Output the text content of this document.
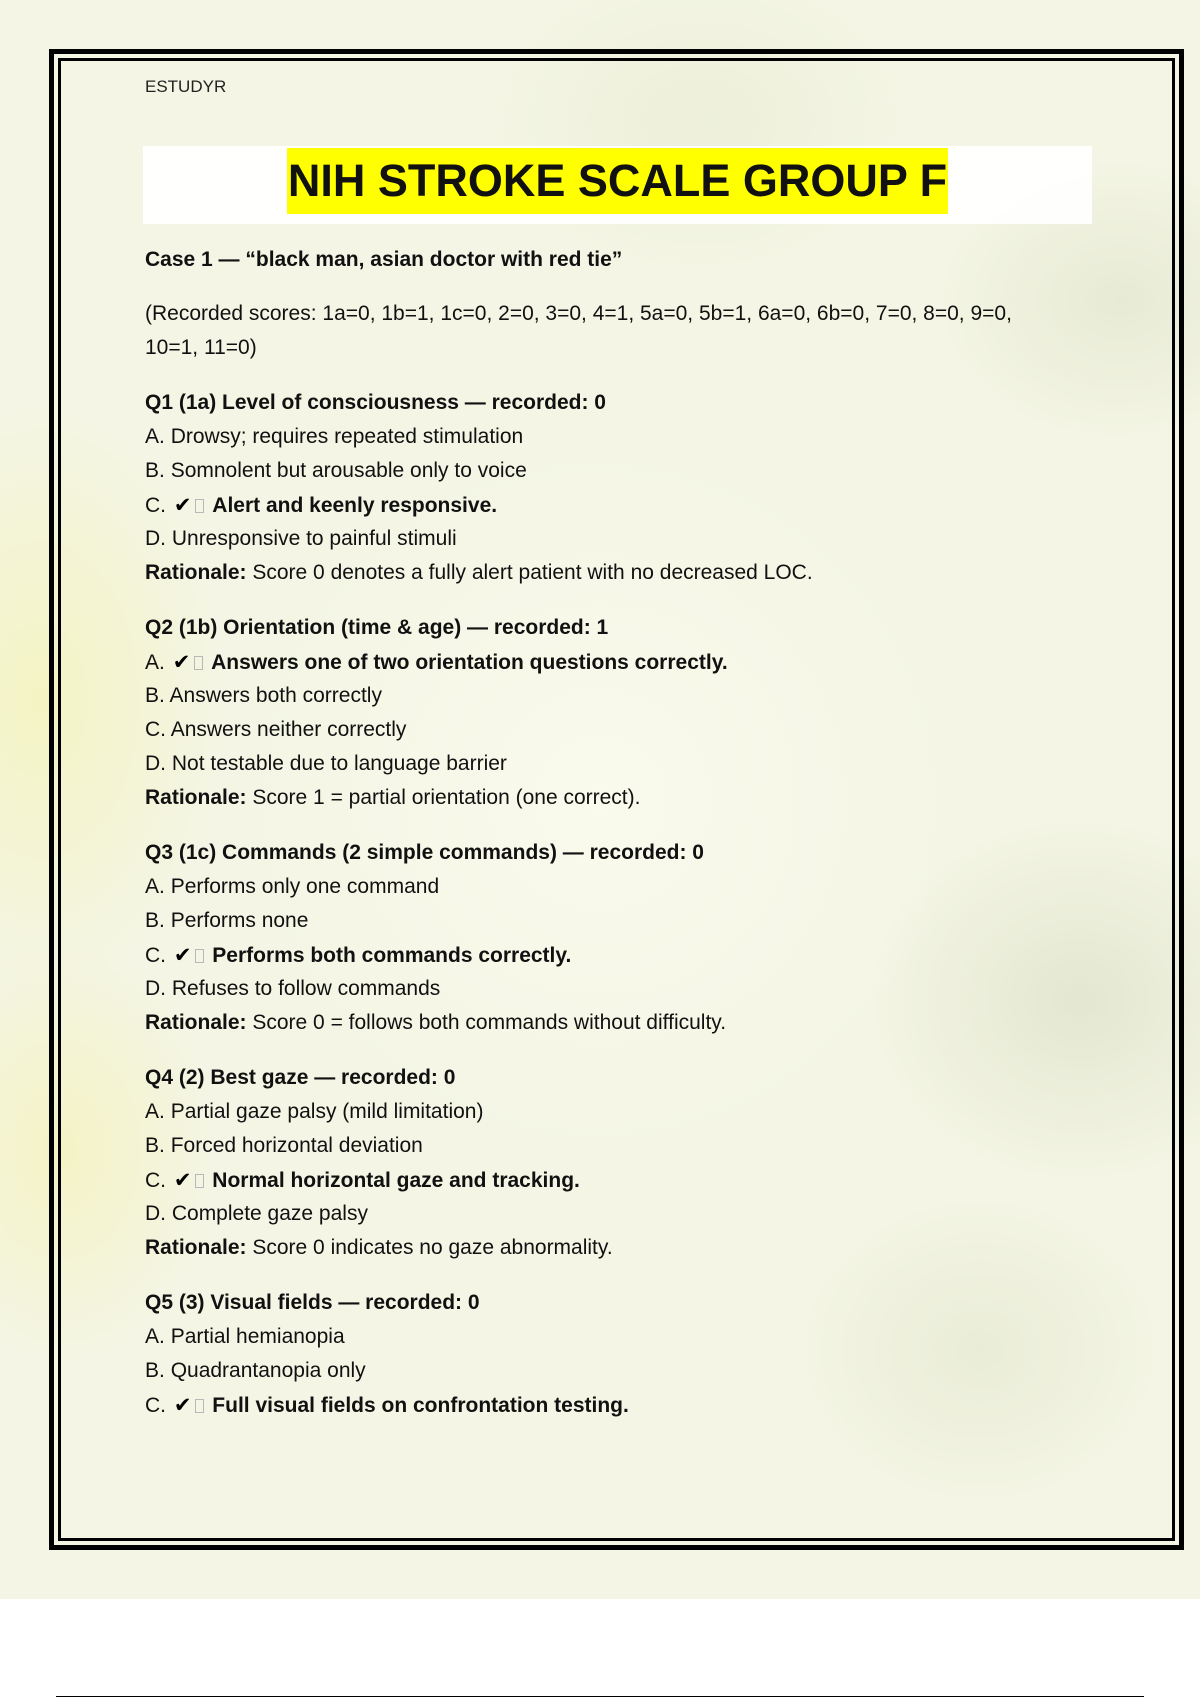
ESTUDYR
NIH STROKE SCALE GROUP F
Case 1 — “black man, asian doctor with red tie”
(Recorded scores: 1a=0, 1b=1, 1c=0, 2=0, 3=0, 4=1, 5a=0, 5b=1, 6a=0, 6b=0, 7=0, 8=0, 9=0,
10=1, 11=0)
Q1 (1a) Level of consciousness — recorded: 0
A. Drowsy; requires repeated stimulation
B. Somnolent but arousable only to voice
C. ✔ Alert and keenly responsive.
D. Unresponsive to painful stimuli
Rationale: Score 0 denotes a fully alert patient with no decreased LOC.
Q2 (1b) Orientation (time & age) — recorded: 1
A. ✔ Answers one of two orientation questions correctly.
B. Answers both correctly
C. Answers neither correctly
D. Not testable due to language barrier
Rationale: Score 1 = partial orientation (one correct).
Q3 (1c) Commands (2 simple commands) — recorded: 0
A. Performs only one command
B. Performs none
C. ✔ Performs both commands correctly.
D. Refuses to follow commands
Rationale: Score 0 = follows both commands without difficulty.
Q4 (2) Best gaze — recorded: 0
A. Partial gaze palsy (mild limitation)
B. Forced horizontal deviation
C. ✔ Normal horizontal gaze and tracking.
D. Complete gaze palsy
Rationale: Score 0 indicates no gaze abnormality.
Q5 (3) Visual fields — recorded: 0
A. Partial hemianopia
B. Quadrantanopia only
C. ✔ Full visual fields on confrontation testing.
